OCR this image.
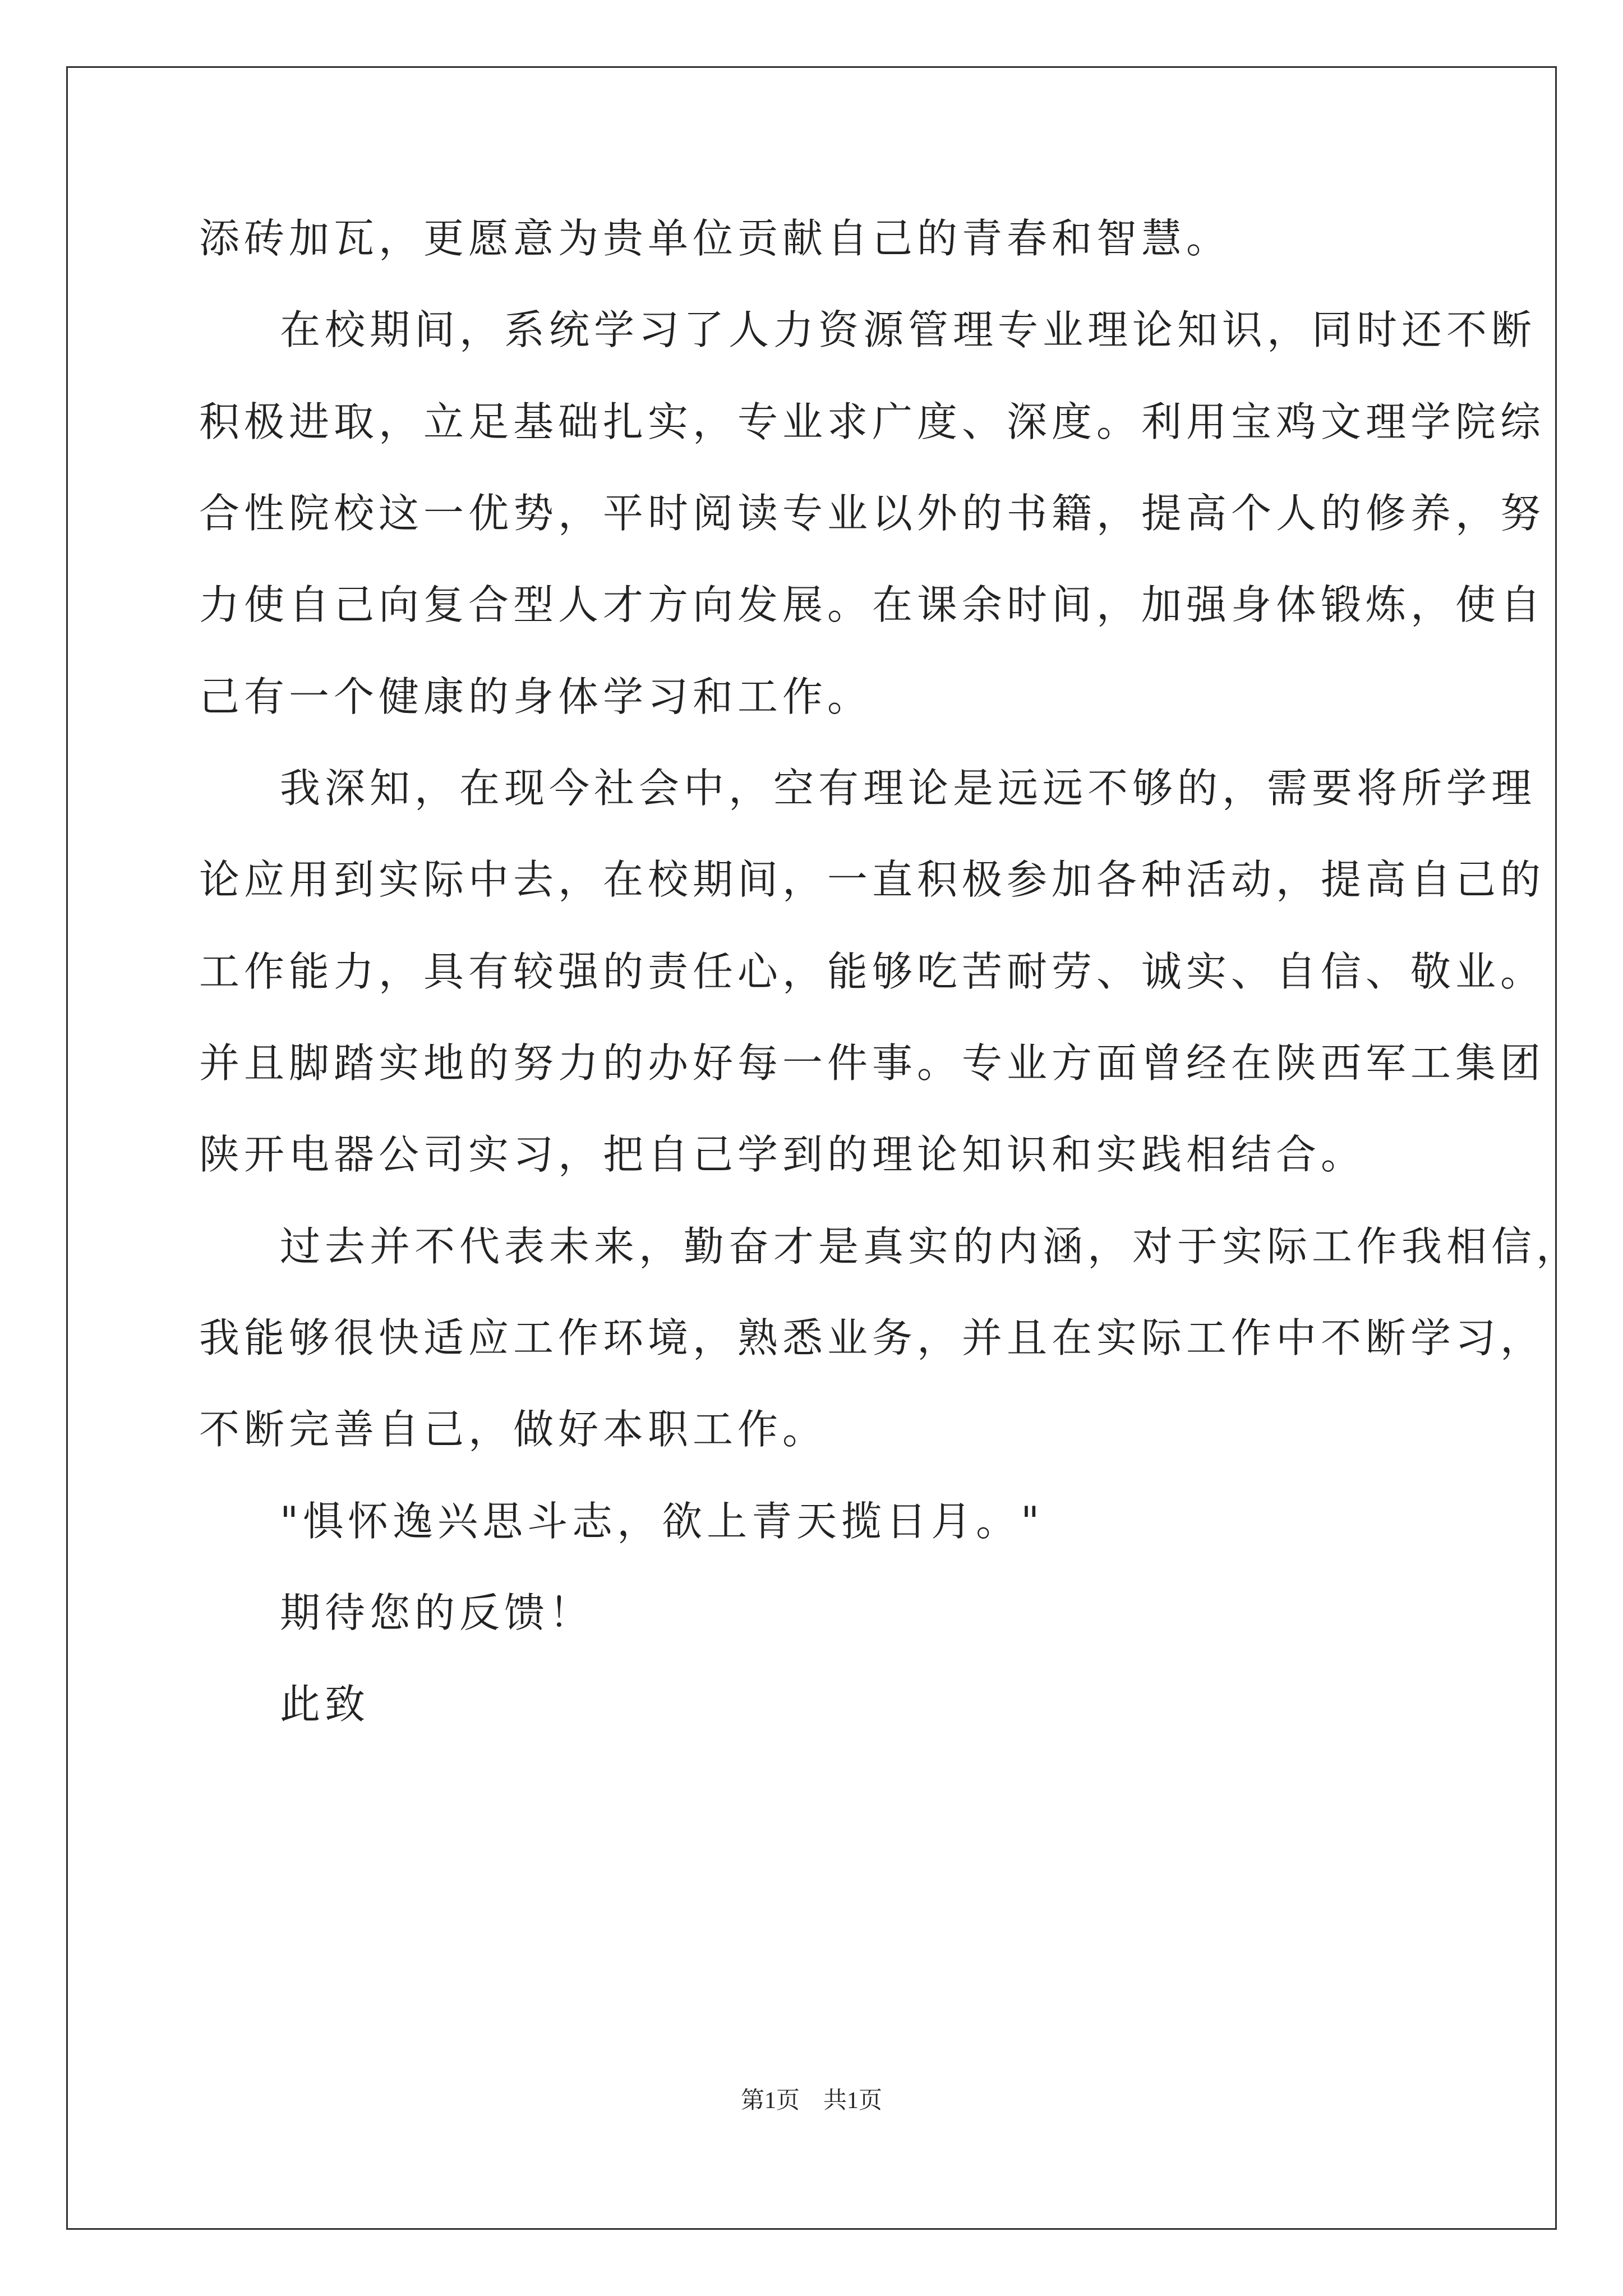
添砖加瓦，更愿意为贵单位贡献自己的青春和智慧。
在校期间，系统学习了人力资源管理专业理论知识，同时还不断
积极进取，立足基础扎实，专业求广度、深度。利用宝鸡文理学院综
合性院校这一优势，平时阅读专业以外的书籍，提高个人的修养，努
力使自己向复合型人才方向发展。在课余时间，加强身体锻炼，使自
己有一个健康的身体学习和工作。
我深知，在现今社会中，空有理论是远远不够的，需要将所学理
论应用到实际中去，在校期间，一直积极参加各种活动，提高自己的
工作能力，具有较强的责任心，能够吃苦耐劳、诚实、自信、敬业。
并且脚踏实地的努力的办好每一件事。专业方面曾经在陕西军工集团
陕开电器公司实习，把自己学到的理论知识和实践相结合。
过去并不代表未来，勤奋才是真实的内涵，对于实际工作我相信，
我能够很快适应工作环境，熟悉业务，并且在实际工作中不断学习，
不断完善自己，做好本职工作。
"惧怀逸兴思斗志，欲上青天揽日月。"
期待您的反馈！
此致
第1页　共1页
